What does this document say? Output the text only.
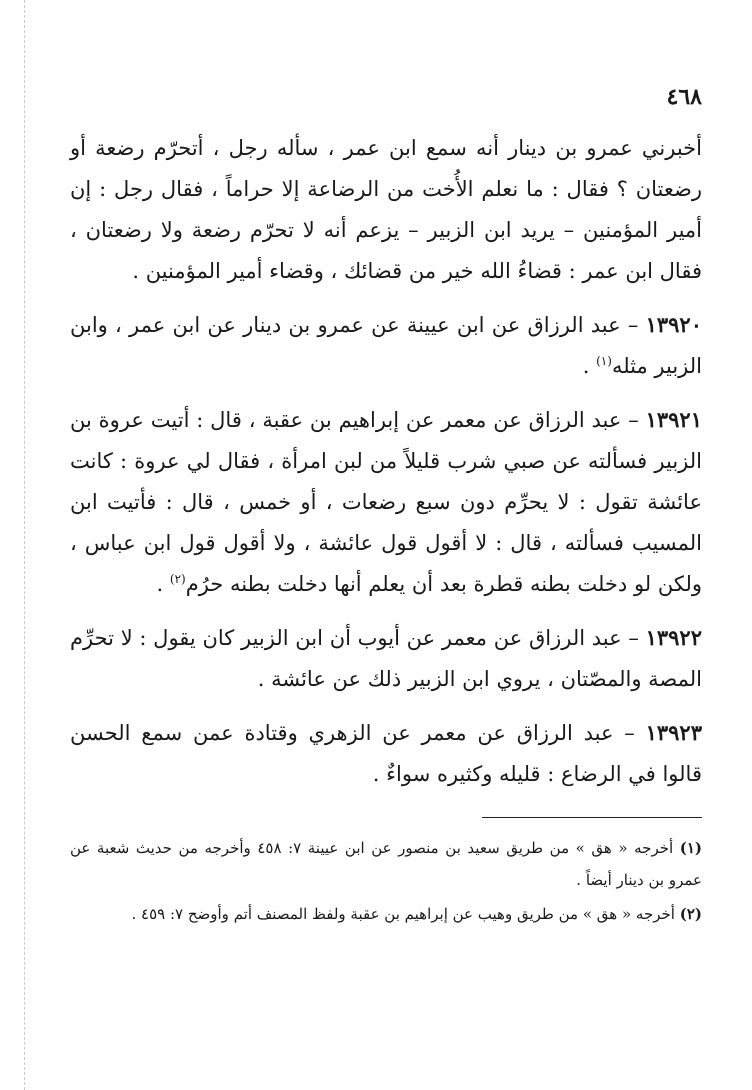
٤٦٨

أخبرني عمرو بن دينار أنه سمع ابن عمر ، سأله رجل ، أتحرّم رضعة أو رضعتان ؟ فقال : ما نعلم الأُخت من الرضاعة إلا حراماً ، فقال رجل : إن أمير المؤمنين – يريد ابن الزبير – يزعم أنه لا تحرّم رضعة ولا رضعتان ، فقال ابن عمر : قضاءُ الله خير من قضائك ، وقضاء أمير المؤمنين .

١٣٩٢٠ – عبد الرزاق عن ابن عيينة عن عمرو بن دينار عن ابن عمر ، وابن الزبير مثله$^{(١)}$ .

١٣٩٢١ – عبد الرزاق عن معمر عن إبراهيم بن عقبة ، قال : أتيت عروة بن الزبير فسألته عن صبي شرب قليلاً من لبن امرأة ، فقال لي عروة : كانت عائشة تقول : لا يحرِّم دون سبع رضعات ، أو خمس ، قال : فأتيت ابن المسيب فسألته ، قال : لا أقول قول عائشة ، ولا أقول قول ابن عباس ، ولكن لو دخلت بطنه قطرة بعد أن يعلم أنها دخلت بطنه حرُم$^{(٢)}$ .

١٣٩٢٢ – عبد الرزاق عن معمر عن أيوب أن ابن الزبير كان يقول : لا تحرِّم المصة والمصّتان ، يروي ابن الزبير ذلك عن عائشة .

١٣٩٢٣ – عبد الرزاق عن معمر عن الزهري وقتادة عمن سمع الحسن قالوا في الرضاع : قليله وكثيره سواءٌ .

(١) أخرجه « هق » من طريق سعيد بن منصور عن ابن عيينة ٧: ٤٥٨ وأخرجه من حديث شعبة عن عمرو بن دينار أيضاً .

(٢) أخرجه « هق » من طريق وهيب عن إبراهيم بن عقبة ولفظ المصنف أتم وأوضح ٧: ٤٥٩ .
